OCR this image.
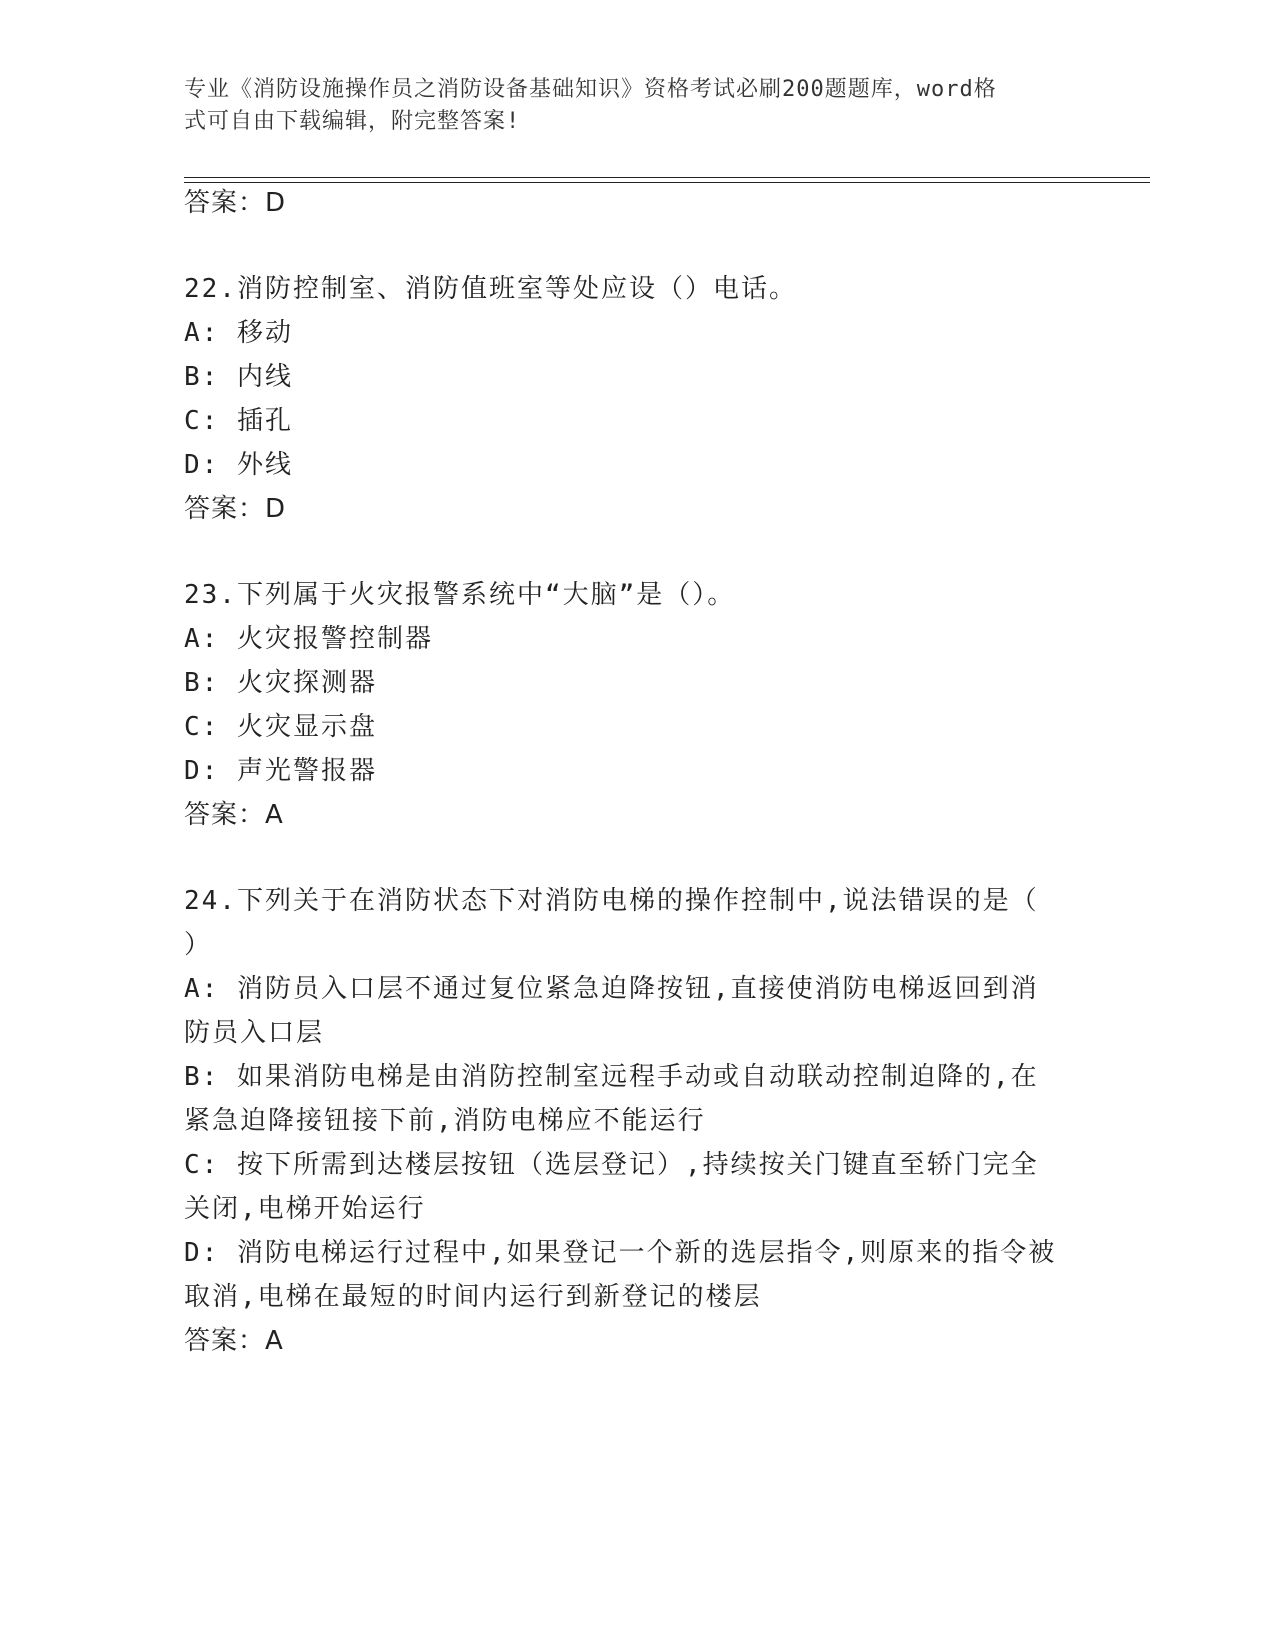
专业《消防设施操作员之消防设备基础知识》资格考试必刷200题题库，word格
式可自由下载编辑，附完整答案!
答案：D
22.消防控制室、消防值班室等处应设（）电话。
A: 移动
B: 内线
C: 插孔
D: 外线
答案：D
23.下列属于火灾报警系统中“大脑”是（）。
A: 火灾报警控制器
B: 火灾探测器
C: 火灾显示盘
D: 声光警报器
答案：A
24.下列关于在消防状态下对消防电梯的操作控制中,说法错误的是（
）
A: 消防员入口层不通过复位紧急迫降按钮,直接使消防电梯返回到消
防员入口层
B: 如果消防电梯是由消防控制室远程手动或自动联动控制迫降的,在
紧急迫降接钮接下前,消防电梯应不能运行
C: 按下所需到达楼层按钮（选层登记）,持续按关门键直至轿门完全
关闭,电梯开始运行
D: 消防电梯运行过程中,如果登记一个新的选层指令,则原来的指令被
取消,电梯在最短的时间内运行到新登记的楼层
答案：A
